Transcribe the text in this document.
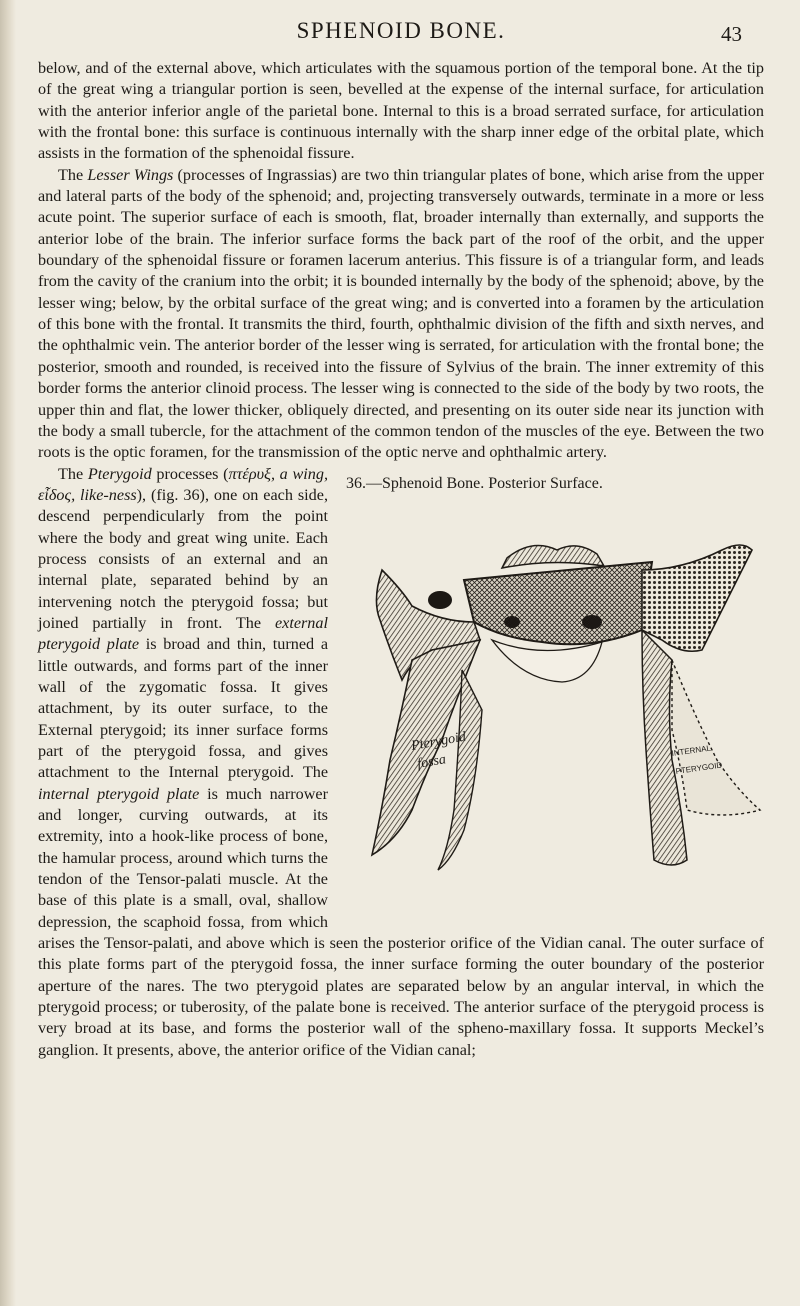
SPHENOID BONE.	43

below, and of the external above, which articulates with the squamous portion of the temporal bone. At the tip of the great wing a triangular portion is seen, bevelled at the expense of the internal surface, for articulation with the anterior inferior angle of the parietal bone. Internal to this is a broad serrated surface, for articulation with the frontal bone: this surface is continuous internally with the sharp inner edge of the orbital plate, which assists in the formation of the sphenoidal fissure.

The Lesser Wings (processes of Ingrassias) are two thin triangular plates of bone, which arise from the upper and lateral parts of the body of the sphenoid; and, projecting transversely outwards, terminate in a more or less acute point. The superior surface of each is smooth, flat, broader internally than externally, and supports the anterior lobe of the brain. The inferior surface forms the back part of the roof of the orbit, and the upper boundary of the sphenoidal fissure or foramen lacerum anterius. This fissure is of a triangular form, and leads from the cavity of the cranium into the orbit; it is bounded internally by the body of the sphenoid; above, by the lesser wing; below, by the orbital surface of the great wing; and is converted into a foramen by the articulation of this bone with the frontal. It transmits the third, fourth, ophthalmic division of the fifth and sixth nerves, and the ophthalmic vein. The anterior border of the lesser wing is serrated, for articulation with the frontal bone; the posterior, smooth and rounded, is received into the fissure of Sylvius of the brain. The inner extremity of this border forms the anterior clinoid process. The lesser wing is connected to the side of the body by two roots, the upper thin and flat, the lower thicker, obliquely directed, and presenting on its outer side near its junction with the body a small tubercle, for the attachment of the common tendon of the muscles of the eye. Between the two roots is the optic foramen, for the transmission of the optic nerve and ophthalmic artery.

36.—Sphenoid Bone. Posterior Surface.
Pterygoid
fossa
INTERNAL
PTERYGOID

The Pterygoid processes (πτέρυξ, a wing, εἶδος, like-ness), (fig. 36), one on each side, descend perpendicularly from the point where the body and great wing unite. Each process consists of an external and an internal plate, separated behind by an intervening notch the pterygoid fossa; but joined partially in front. The external pterygoid plate is broad and thin, turned a little outwards, and forms part of the inner wall of the zygomatic fossa. It gives attachment, by its outer surface, to the External pterygoid; its inner surface forms part of the pterygoid fossa, and gives attachment to the Internal pterygoid. The internal pterygoid plate is much narrower and longer, curving outwards, at its extremity, into a hook-like process of bone, the hamular process, around which turns the tendon of the Tensor-palati muscle. At the base of this plate is a small, oval, shallow depression, the scaphoid fossa, from which arises the Tensor-palati, and above which is seen the posterior orifice of the Vidian canal. The outer surface of this plate forms part of the pterygoid fossa, the inner surface forming the outer boundary of the posterior aperture of the nares. The two pterygoid plates are separated below by an angular interval, in which the pterygoid process; or tuberosity, of the palate bone is received. The anterior surface of the pterygoid process is very broad at its base, and forms the posterior wall of the spheno-maxillary fossa. It supports Meckel’s ganglion. It presents, above, the anterior orifice of the Vidian canal;
